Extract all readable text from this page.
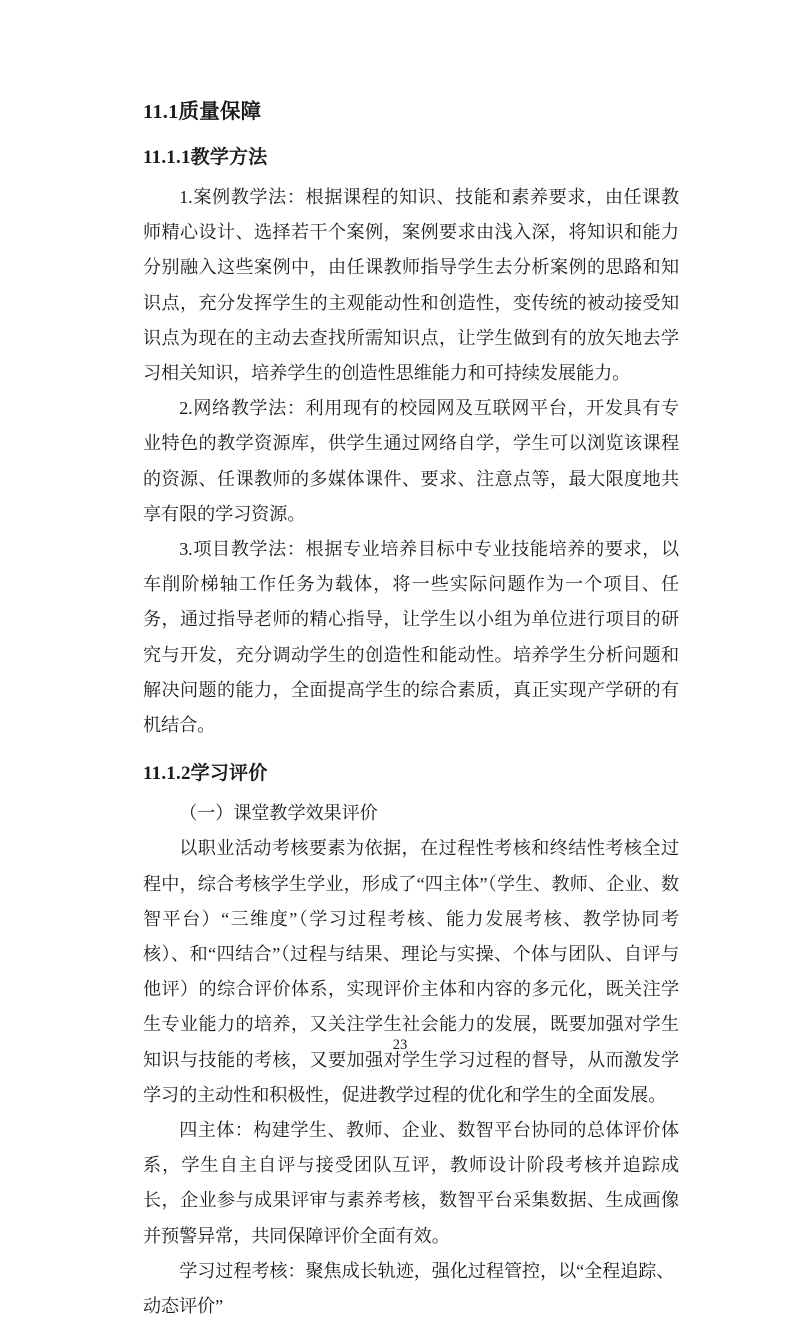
11.1质量保障
11.1.1教学方法

1.案例教学法：根据课程的知识、技能和素养要求，由任课教师精心设计、选择若干个案例，案例要求由浅入深，将知识和能力分别融入这些案例中，由任课教师指导学生去分析案例的思路和知识点，充分发挥学生的主观能动性和创造性，变传统的被动接受知识点为现在的主动去查找所需知识点，让学生做到有的放矢地去学习相关知识，培养学生的创造性思维能力和可持续发展能力。

2.网络教学法：利用现有的校园网及互联网平台，开发具有专业特色的教学资源库，供学生通过网络自学，学生可以浏览该课程的资源、任课教师的多媒体课件、要求、注意点等，最大限度地共享有限的学习资源。

3.项目教学法：根据专业培养目标中专业技能培养的要求，以车削阶梯轴工作任务为载体，将一些实际问题作为一个项目、任务，通过指导老师的精心指导，让学生以小组为单位进行项目的研究与开发，充分调动学生的创造性和能动性。培养学生分析问题和解决问题的能力，全面提高学生的综合素质，真正实现产学研的有机结合。

11.1.2学习评价

（一）课堂教学效果评价

以职业活动考核要素为依据，在过程性考核和终结性考核全过程中，综合考核学生学业，形成了“四主体”（学生、教师、企业、数智平台）“三维度”（学习过程考核、能力发展考核、教学协同考核）、和“四结合”（过程与结果、理论与实操、个体与团队、自评与他评）的综合评价体系，实现评价主体和内容的多元化，既关注学生专业能力的培养，又关注学生社会能力的发展，既要加强对学生知识与技能的考核，又要加强对学生学习过程的督导，从而激发学学习的主动性和积极性，促进教学过程的优化和学生的全面发展。

四主体：构建学生、教师、企业、数智平台协同的总体评价体系，学生自主自评与接受团队互评，教师设计阶段考核并追踪成长，企业参与成果评审与素养考核，数智平台采集数据、生成画像并预警异常，共同保障评价全面有效。

学习过程考核：聚焦成长轨迹，强化过程管控，以“全程追踪、动态评价”

23
